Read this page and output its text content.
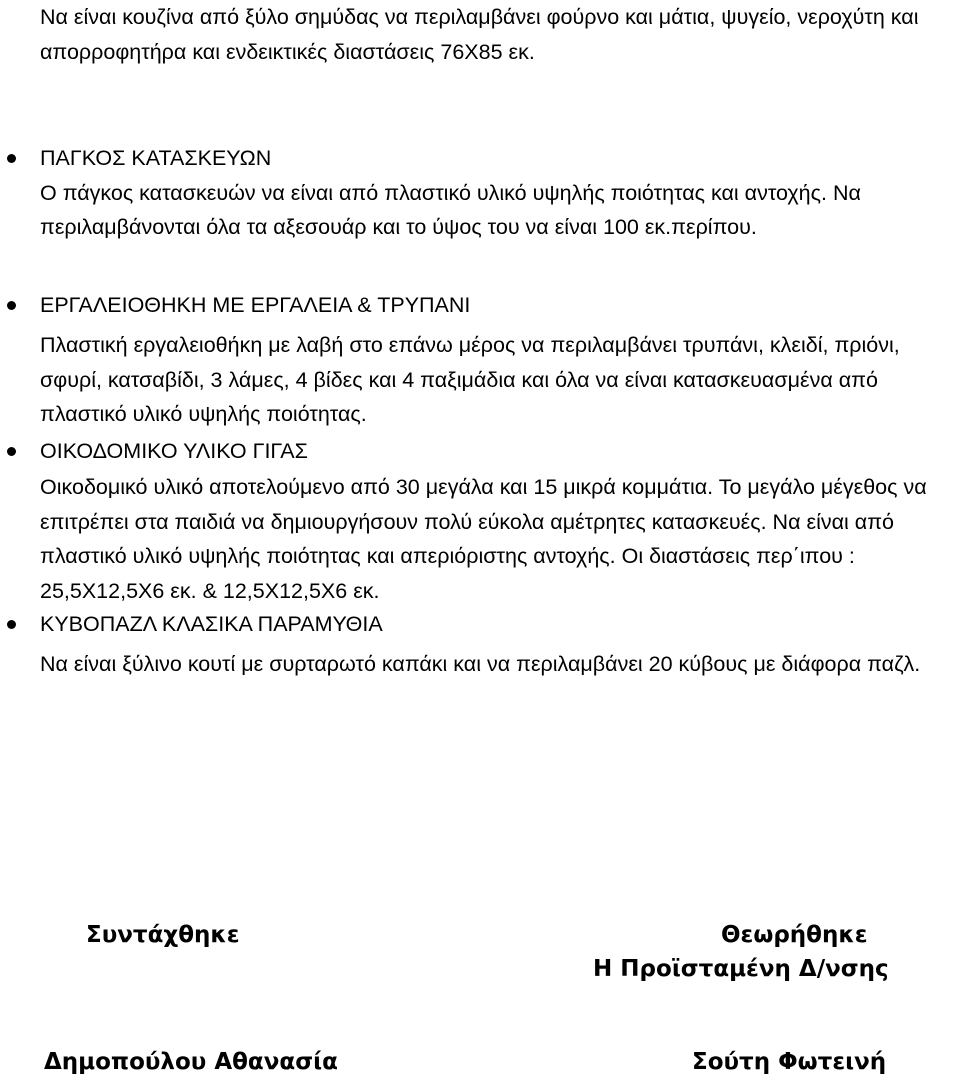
Να είναι κουζίνα από ξύλο σημύδας να περιλαμβάνει φούρνο και μάτια, ψυγείο, νεροχύτη και απορροφητήρα και ενδεικτικές διαστάσεις 76Χ85 εκ.

ΠΑΓΚΟΣ ΚΑΤΑΣΚΕΥΩΝ
Ο πάγκος κατασκευών να είναι από πλαστικό υλικό υψηλής ποιότητας και αντοχής. Να περιλαμβάνονται όλα τα αξεσουάρ και το ύψος του να είναι 100 εκ.περίπου.

ΕΡΓΑΛΕΙΟΘΗΚΗ ΜΕ ΕΡΓΑΛΕΙΑ & ΤΡΥΠΑΝΙ

Πλαστική εργαλειοθήκη με λαβή στο επάνω μέρος να περιλαμβάνει τρυπάνι, κλειδί, πριόνι, σφυρί, κατσαβίδι, 3 λάμες, 4 βίδες και 4 παξιμάδια και όλα να είναι κατασκευασμένα από πλαστικό υλικό υψηλής ποιότητας.

ΟΙΚΟΔΟΜΙΚΟ ΥΛΙΚΟ ΓΙΓΑΣ

Οικοδομικό υλικό αποτελούμενο από 30 μεγάλα και 15 μικρά κομμάτια. Το μεγάλο μέγεθος να επιτρέπει στα παιδιά να δημιουργήσουν πολύ εύκολα αμέτρητες κατασκευές. Να είναι από πλαστικό υλικό υψηλής ποιότητας και απεριόριστης αντοχής. Οι διαστάσεις περ΄ιπου : 25,5Χ12,5Χ6 εκ. & 12,5Χ12,5Χ6 εκ.

ΚΥΒΟΠΑΖΛ ΚΛΑΣΙΚΑ ΠΑΡΑΜΥΘΙΑ

Να είναι ξύλινο κουτί με συρταρωτό καπάκι και να περιλαμβάνει 20 κύβους με διάφορα παζλ.

Συντάχθηκε	Θεωρήθηκε

Η Προϊσταμένη Δ/νσης

Δημοπούλου Αθανασία	Σούτη Φωτεινή
